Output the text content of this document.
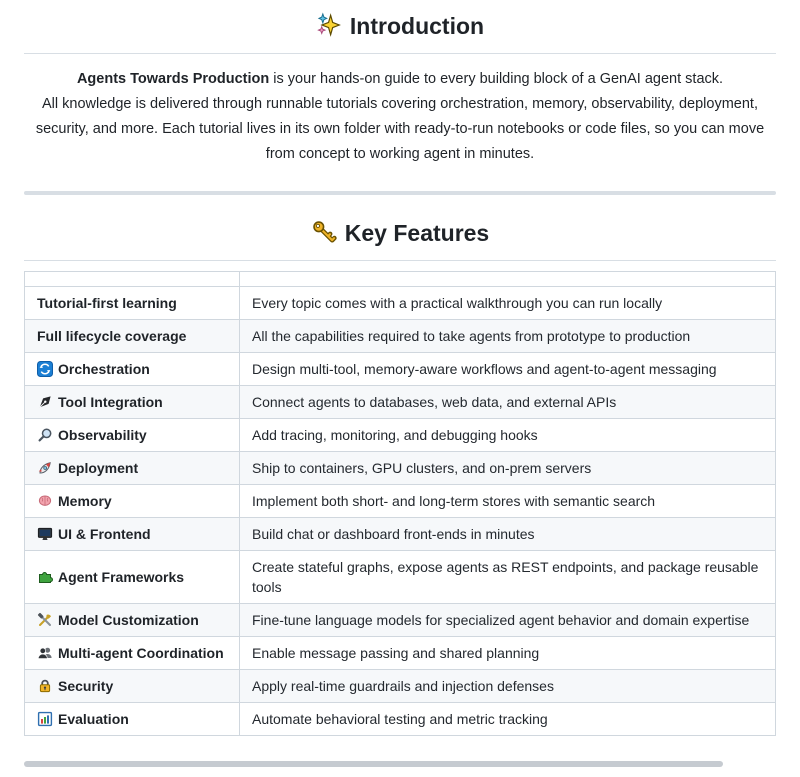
Introduction

Agents Towards Production is your hands-on guide to every building block of a GenAI agent stack.
All knowledge is delivered through runnable tutorials covering orchestration, memory, observability, deployment, security, and more. Each tutorial lives in its own folder with ready-to-run notebooks or code files, so you can move from concept to working agent in minutes.

Key Features

Tutorial-first learning	Every topic comes with a practical walkthrough you can run locally
Full lifecycle coverage	All the capabilities required to take agents from prototype to production
Orchestration	Design multi-tool, memory-aware workflows and agent-to-agent messaging
Tool Integration	Connect agents to databases, web data, and external APIs
Observability	Add tracing, monitoring, and debugging hooks
Deployment	Ship to containers, GPU clusters, and on-prem servers
Memory	Implement both short- and long-term stores with semantic search
UI & Frontend	Build chat or dashboard front-ends in minutes
Agent Frameworks	Create stateful graphs, expose agents as REST endpoints, and package reusable tools
Model Customization	Fine-tune language models for specialized agent behavior and domain expertise
Multi-agent Coordination	Enable message passing and shared planning
Security	Apply real-time guardrails and injection defenses
Evaluation	Automate behavioral testing and metric tracking
